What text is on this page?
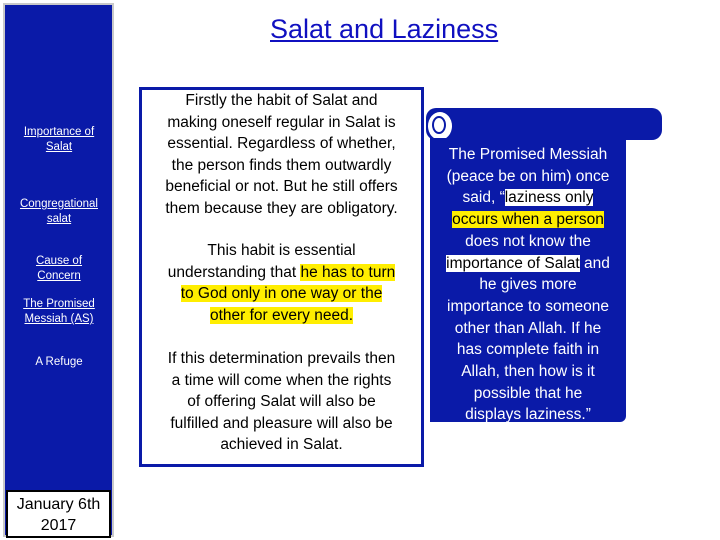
Importance of
Salat
Congregational
salat
Cause of
Concern
The Promised
Messiah (AS)
A Refuge
January 6th
2017
Salat and Laziness
Firstly the habit of Salat and
making oneself regular in Salat is
essential. Regardless of whether,
the person finds them outwardly
beneficial or not. But he still offers
them because they are obligatory.
This habit is essential
understanding that he has to turn
to God only in one way or the
other for every need.
If this determination prevails then
a time will come when the rights
of offering Salat will also be
fulfilled and pleasure will also be
achieved in Salat.
The Promised Messiah
(peace be on him) once
said, “laziness only
occurs when a person
does not know the
importance of Salat and
he gives more
importance to someone
other than Allah. If he
has complete faith in
Allah, then how is it
possible that he
displays laziness.”
